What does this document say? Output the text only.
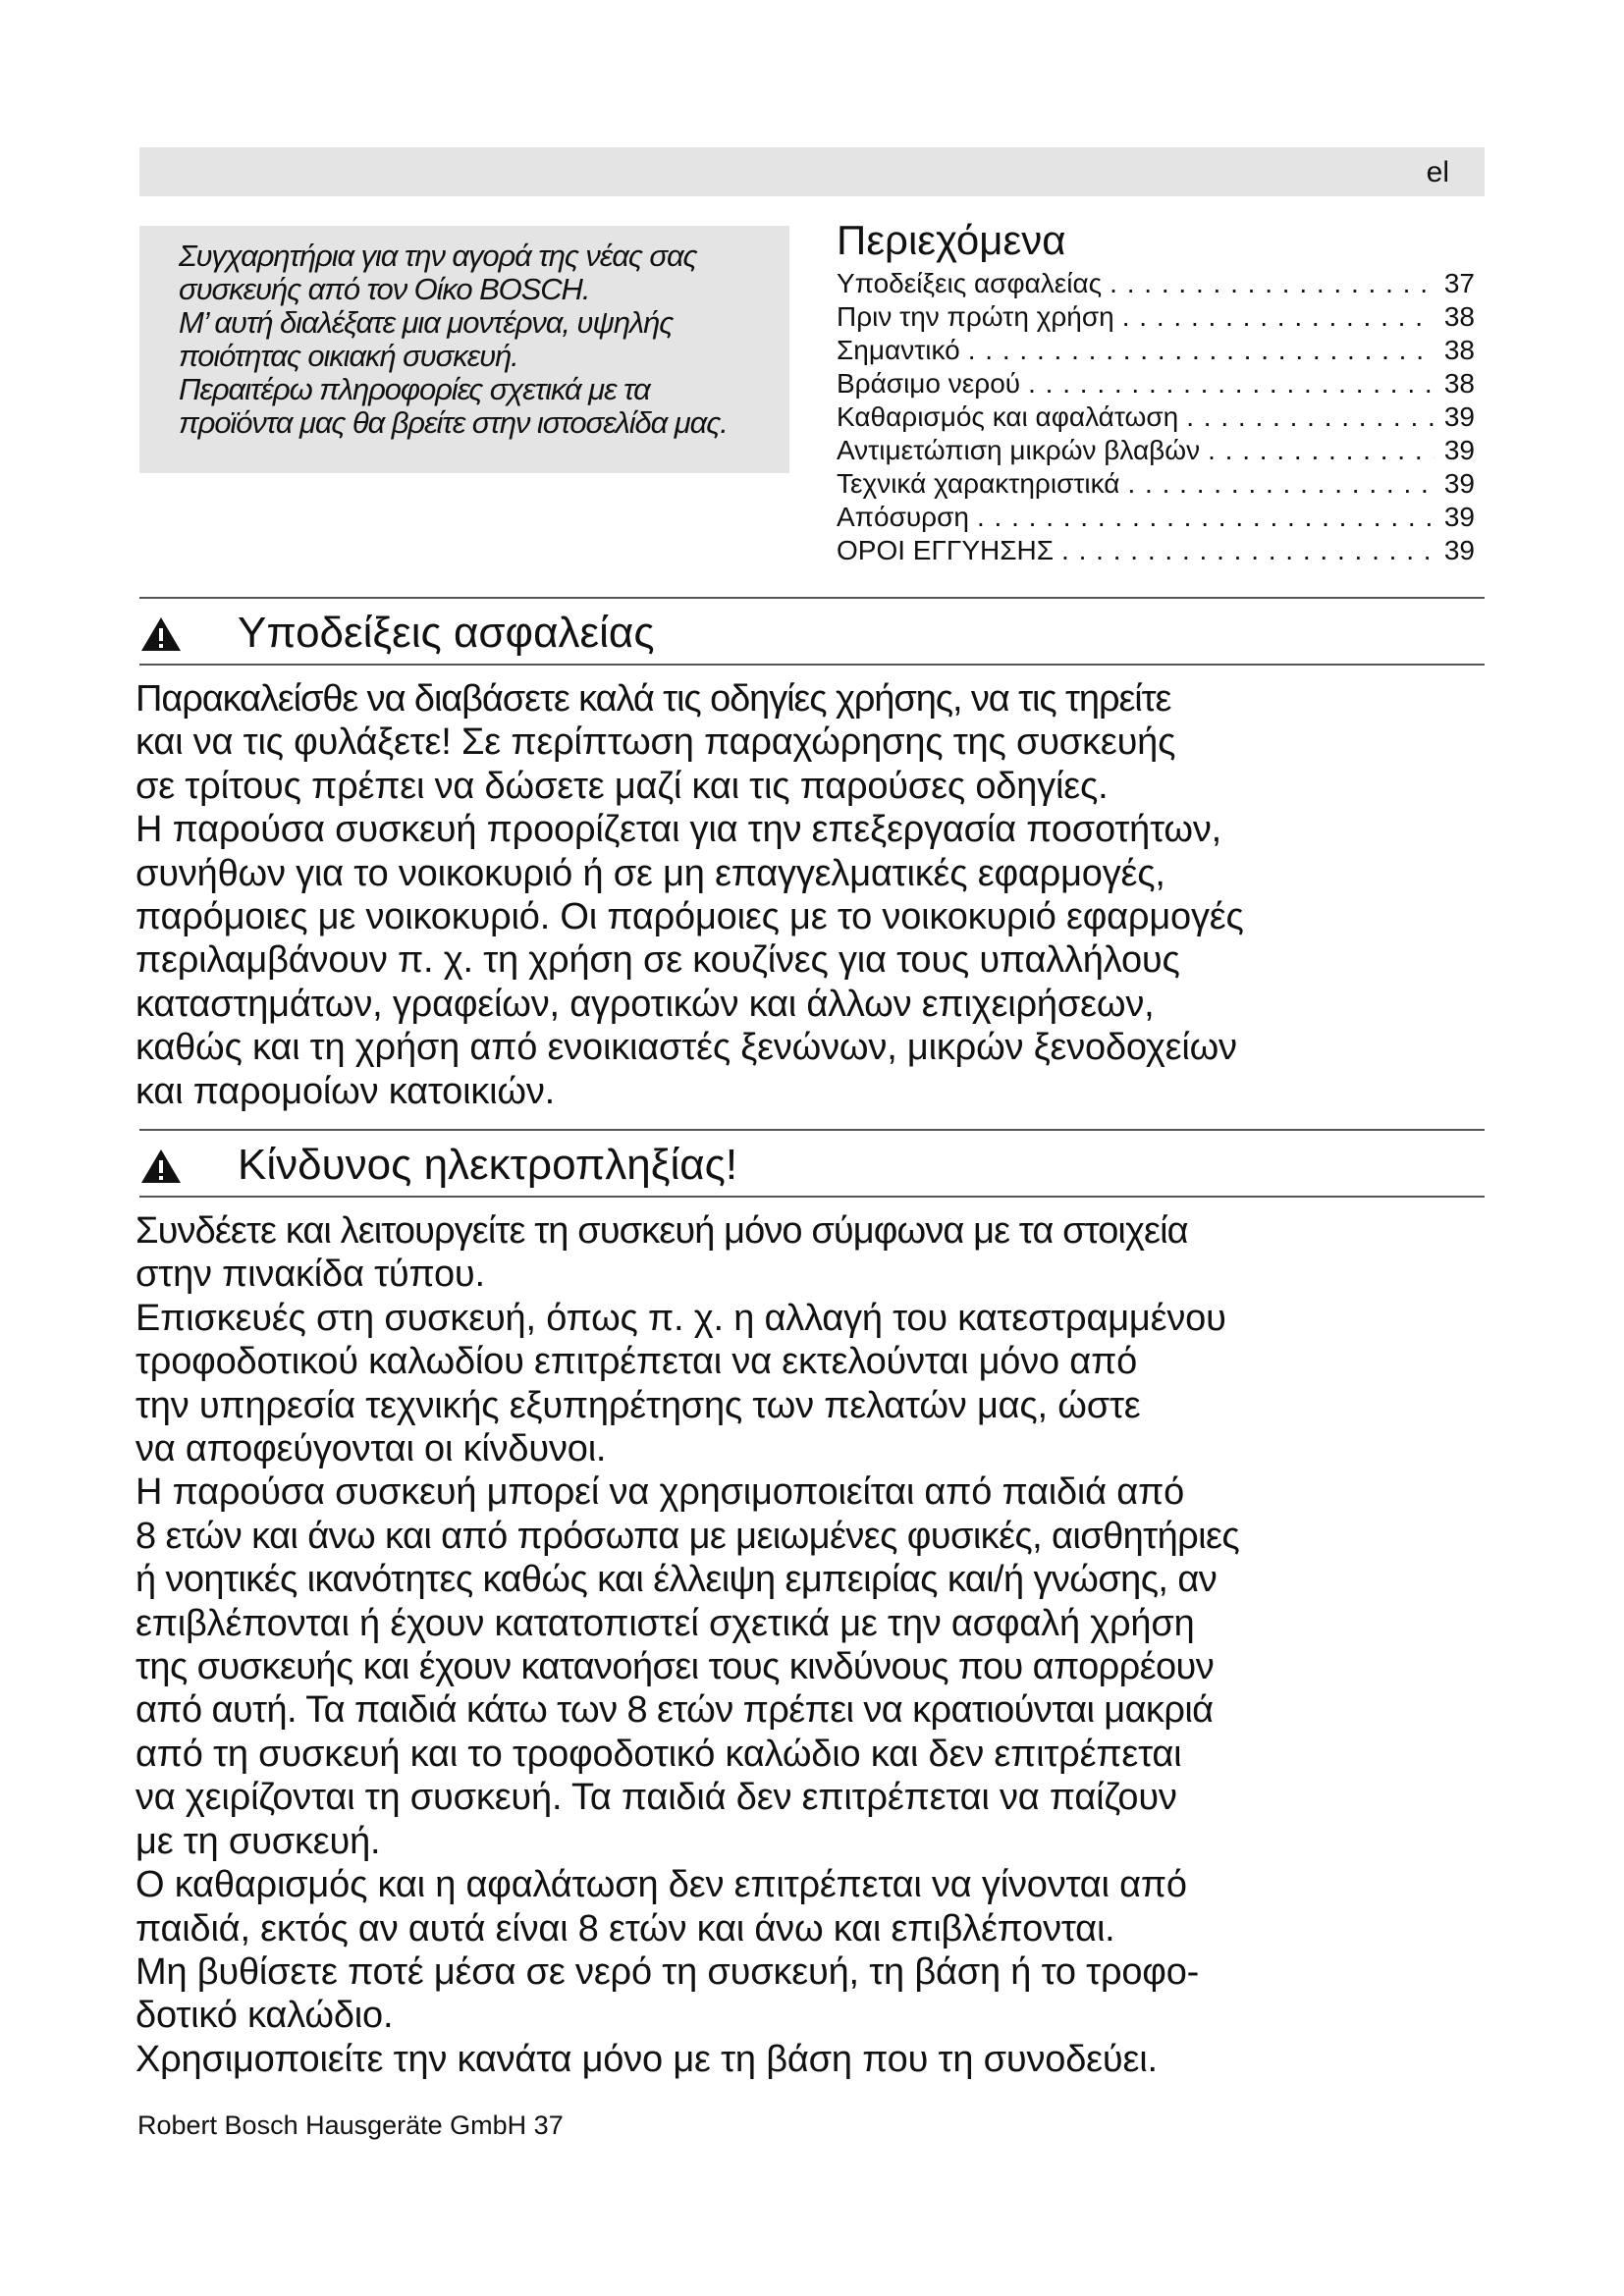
el
Συγχαρητήρια για την αγορά της νέας σας
συσκευής από τον Οίκο BOSCH.
Μ’ αυτή διαλέξατε μια μοντέρνα, υψηλής
ποιότητας οικιακή συσκευή.
Περαιτέρω πληροφορίες σχετικά με τα
προϊόντα μας θα βρείτε στην ιστοσελίδα μας.
Περιεχόμενα
Υποδείξεις ασφαλείας . . .	37
Πριν την πρώτη χρήση . . .	38
Σημαντικό . . .	38
Βράσιμο νερού . . .	38
Καθαρισμός και αφαλάτωση . . .	39
Αντιμετώπιση μικρών βλαβών . . .	39
Τεχνικά χαρακτηριστικά . . .	39
Απόσυρση . . .	39
ΟΡΟΙ ΕΓΓΥΗΣΗΣ . . .	39
Υποδείξεις ασφαλείας
Παρακαλείσθε να διαβάσετε καλά τις οδηγίες χρήσης, να τις τηρείτε
και να τις φυλάξετε! Σε περίπτωση παραχώρησης της συσκευής
σε τρίτους πρέπει να δώσετε μαζί και τις παρούσες οδηγίες.
Η παρούσα συσκευή προορίζεται για την επεξεργασία ποσοτήτων,
συνήθων για το νοικοκυριό ή σε μη επαγγελματικές εφαρμογές,
παρόμοιες με νοικοκυριό. Οι παρόμοιες με το νοικοκυριό εφαρμογές
περιλαμβάνουν π. χ. τη χρήση σε κουζίνες για τους υπαλλήλους
καταστημάτων, γραφείων, αγροτικών και άλλων επιχειρήσεων,
καθώς και τη χρήση από ενοικιαστές ξενώνων, μικρών ξενοδοχείων
και παρομοίων κατοικιών.
Κίνδυνος ηλεκτροπληξίας!
Συνδέετε και λειτουργείτε τη συσκευή μόνο σύμφωνα με τα στοιχεία
στην πινακίδα τύπου.
Επισκευές στη συσκευή, όπως π. χ. η αλλαγή του κατεστραμμένου
τροφοδοτικού καλωδίου επιτρέπεται να εκτελούνται μόνο από
την υπηρεσία τεχνικής εξυπηρέτησης των πελατών μας, ώστε
να αποφεύγονται οι κίνδυνοι.
Η παρούσα συσκευή μπορεί να χρησιμοποιείται από παιδιά από
8 ετών και άνω και από πρόσωπα με μειωμένες φυσικές, αισθητήριες
ή νοητικές ικανότητες καθώς και έλλειψη εμπειρίας και/ή γνώσης, αν
επιβλέπονται ή έχουν κατατοπιστεί σχετικά με την ασφαλή χρήση
της συσκευής και έχουν κατανοήσει τους κινδύνους που απορρέουν
από αυτή. Τα παιδιά κάτω των 8 ετών πρέπει να κρατιούνται μακριά
από τη συσκευή και το τροφοδοτικό καλώδιο και δεν επιτρέπεται
να χειρίζονται τη συσκευή. Τα παιδιά δεν επιτρέπεται να παίζουν
με τη συσκευή.
Ο καθαρισμός και η αφαλάτωση δεν επιτρέπεται να γίνονται από
παιδιά, εκτός αν αυτά είναι 8 ετών και άνω και επιβλέπονται.
Μη βυθίσετε ποτέ μέσα σε νερό τη συσκευή, τη βάση ή το τροφο-
δοτικό καλώδιο.
Χρησιμοποιείτε την κανάτα μόνο με τη βάση που τη συνοδεύει.
Robert Bosch Hausgeräte GmbH 37
